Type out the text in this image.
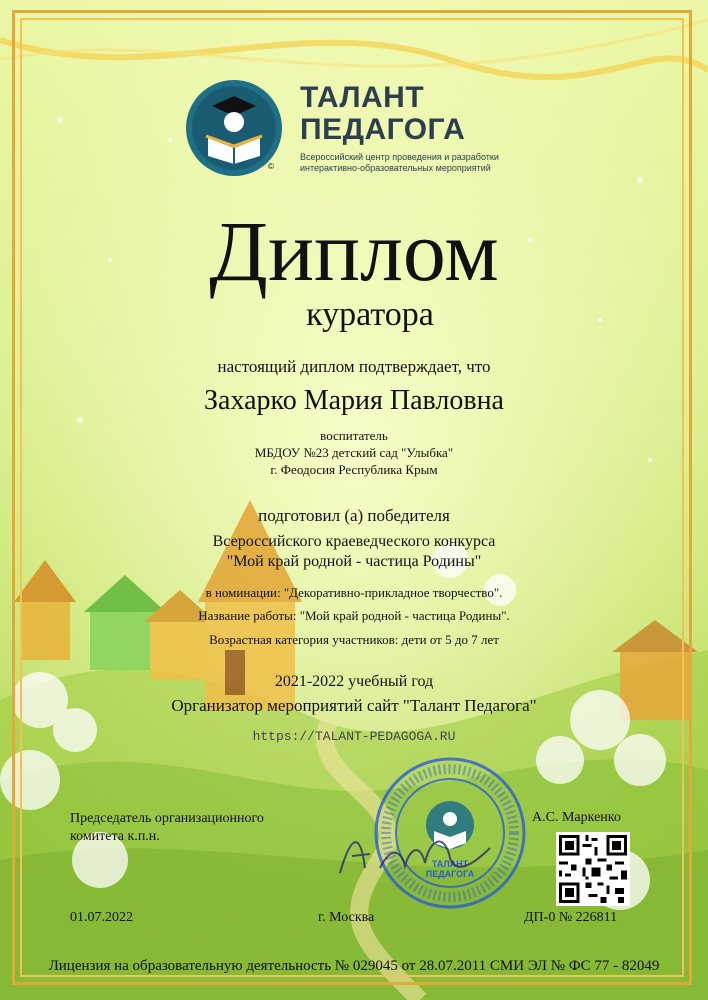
ТАЛАНТ
ПЕДАГОГА
Всероссийский центр проведения и разработки
интерактивно-образовательных мероприятий
©
Диплом
куратора
настоящий диплом подтверждает, что
Захарко Мария Павловна
воспитатель
МБДОУ №23 детский сад "Улыбка"
г. Феодосия Республика Крым
подготовил (а) победителя
Всероссийского краеведческого конкурса
"Мой край родной - частица Родины"
в номинации: "Декоративно-прикладное творчество".
Название работы: "Мой край родной - частица Родины".
Возрастная категория участников: дети от 5 до 7 лет
2021-2022 учебный год
Организатор мероприятий сайт "Талант Педагога"
https://TALANT-PEDAGOGA.RU
ТАЛАНТ
ПЕДАГОГА
Председатель организационного
комитета к.п.н.
А.С. Маркенко
01.07.2022	г. Москва	ДП-0 № 226811
Лицензия на образовательную деятельность № 029045 от 28.07.2011 СМИ ЭЛ № ФС 77 - 82049
